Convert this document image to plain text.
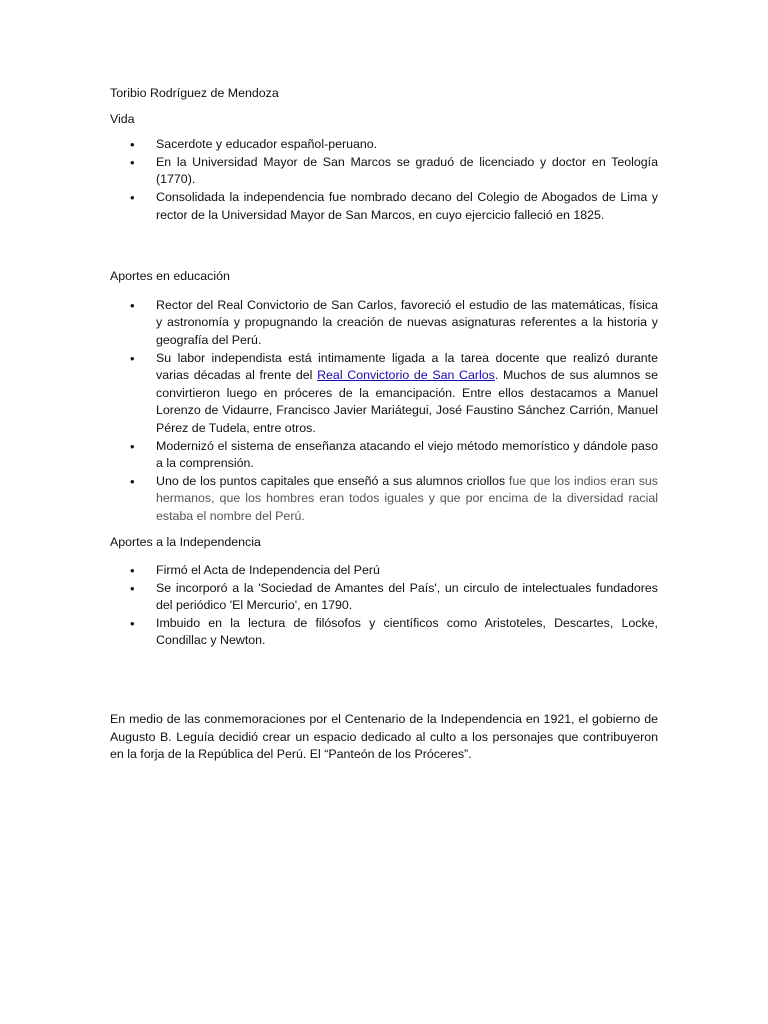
Toribio Rodríguez de Mendoza

Vida

• Sacerdote y educador español-peruano.
• En la Universidad Mayor de San Marcos se graduó de licenciado y doctor en Teología (1770).
• Consolidada la independencia fue nombrado decano del Colegio de Abogados de Lima y rector de la Universidad Mayor de San Marcos, en cuyo ejercicio falleció en 1825.

Aportes en educación

• Rector del Real Convictorio de San Carlos, favoreció el estudio de las matemáticas, física y astronomía y propugnando la creación de nuevas asignaturas referentes a la historia y geografía del Perú.
• Su labor independista está intimamente ligada a la tarea docente que realizó durante varias décadas al frente del Real Convictorio de San Carlos. Muchos de sus alumnos se convirtieron luego en próceres de la emancipación. Entre ellos destacamos a Manuel Lorenzo de Vidaurre, Francisco Javier Mariátegui, José Faustino Sánchez Carrión, Manuel Pérez de Tudela, entre otros.
• Modernizó el sistema de enseñanza atacando el viejo método memorístico y dándole paso a la comprensión.
• Uno de los puntos capitales que enseñó a sus alumnos criollos fue que los indios eran sus hermanos, que los hombres eran todos iguales y que por encima de la diversidad racial estaba el nombre del Perú.

Aportes a la Independencia

• Firmó el Acta de Independencia del Perú
• Se incorporó a la 'Sociedad de Amantes del País', un circulo de intelectuales fundadores del periódico 'El Mercurio', en 1790.
• Imbuido en la lectura de filósofos y científicos como Aristoteles, Descartes, Locke, Condillac y Newton.

En medio de las conmemoraciones por el Centenario de la Independencia en 1921, el gobierno de Augusto B. Leguía decidió crear un espacio dedicado al culto a los personajes que contribuyeron en la forja de la República del Perú. El “Panteón de los Próceres”.
